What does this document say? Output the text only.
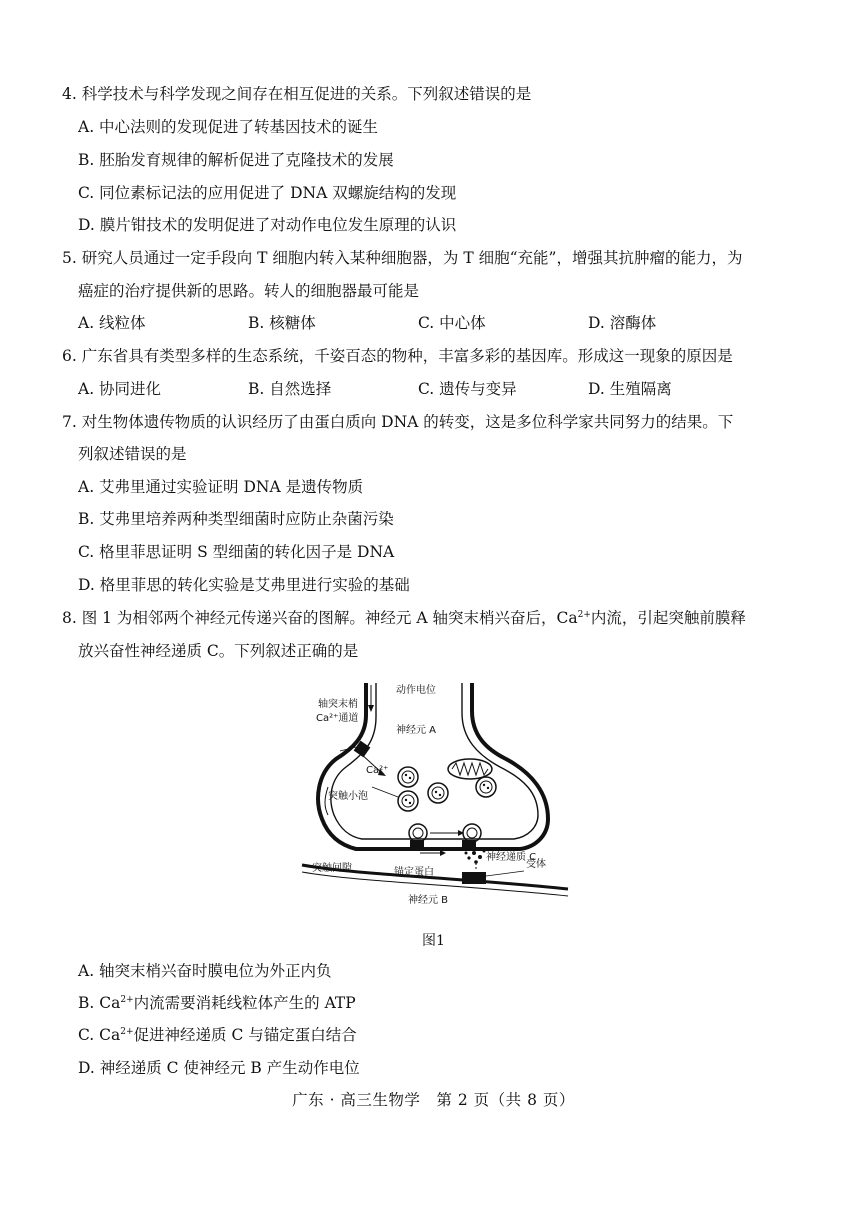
4. 科学技术与科学发现之间存在相互促进的关系。下列叙述错误的是
A. 中心法则的发现促进了转基因技术的诞生
B. 胚胎发育规律的解析促进了克隆技术的发展
C. 同位素标记法的应用促进了 DNA 双螺旋结构的发现
D. 膜片钳技术的发明促进了对动作电位发生原理的认识
5. 研究人员通过一定手段向 T 细胞内转入某种细胞器，为 T 细胞“充能”，增强其抗肿瘤的能力，为
癌症的治疗提供新的思路。转人的细胞器最可能是
A. 线粒体	B. 核糖体	C. 中心体	D. 溶酶体
6. 广东省具有类型多样的生态系统，千姿百态的物种，丰富多彩的基因库。形成这一现象的原因是
A. 协同进化	B. 自然选择	C. 遗传与变异	D. 生殖隔离
7. 对生物体遗传物质的认识经历了由蛋白质向 DNA 的转变，这是多位科学家共同努力的结果。下
列叙述错误的是
A. 艾弗里通过实验证明 DNA 是遗传物质
B. 艾弗里培养两种类型细菌时应防止杂菌污染
C. 格里菲思证明 S 型细菌的转化因子是 DNA
D. 格里菲思的转化实验是艾弗里进行实验的基础
8. 图 1 为相邻两个神经元传递兴奋的图解。神经元 A 轴突末梢兴奋后，$Ca^{2+}$内流，引起突触前膜释
放兴奋性神经递质 C。下列叙述正确的是
轴突末梢
Ca²⁺通道
动作电位
神经元 A
Ca²⁺
突触小泡
神经递质 C
突触间隙	锚定蛋白
受体
神经元 B
图1
A. 轴突末梢兴奋时膜电位为外正内负
B. $Ca^{2+}$内流需要消耗线粒体产生的 ATP
C. $Ca^{2+}$促进神经递质 C 与锚定蛋白结合
D. 神经递质 C 使神经元 B 产生动作电位
广东 · 高三生物学　第 2 页（共 8 页）
